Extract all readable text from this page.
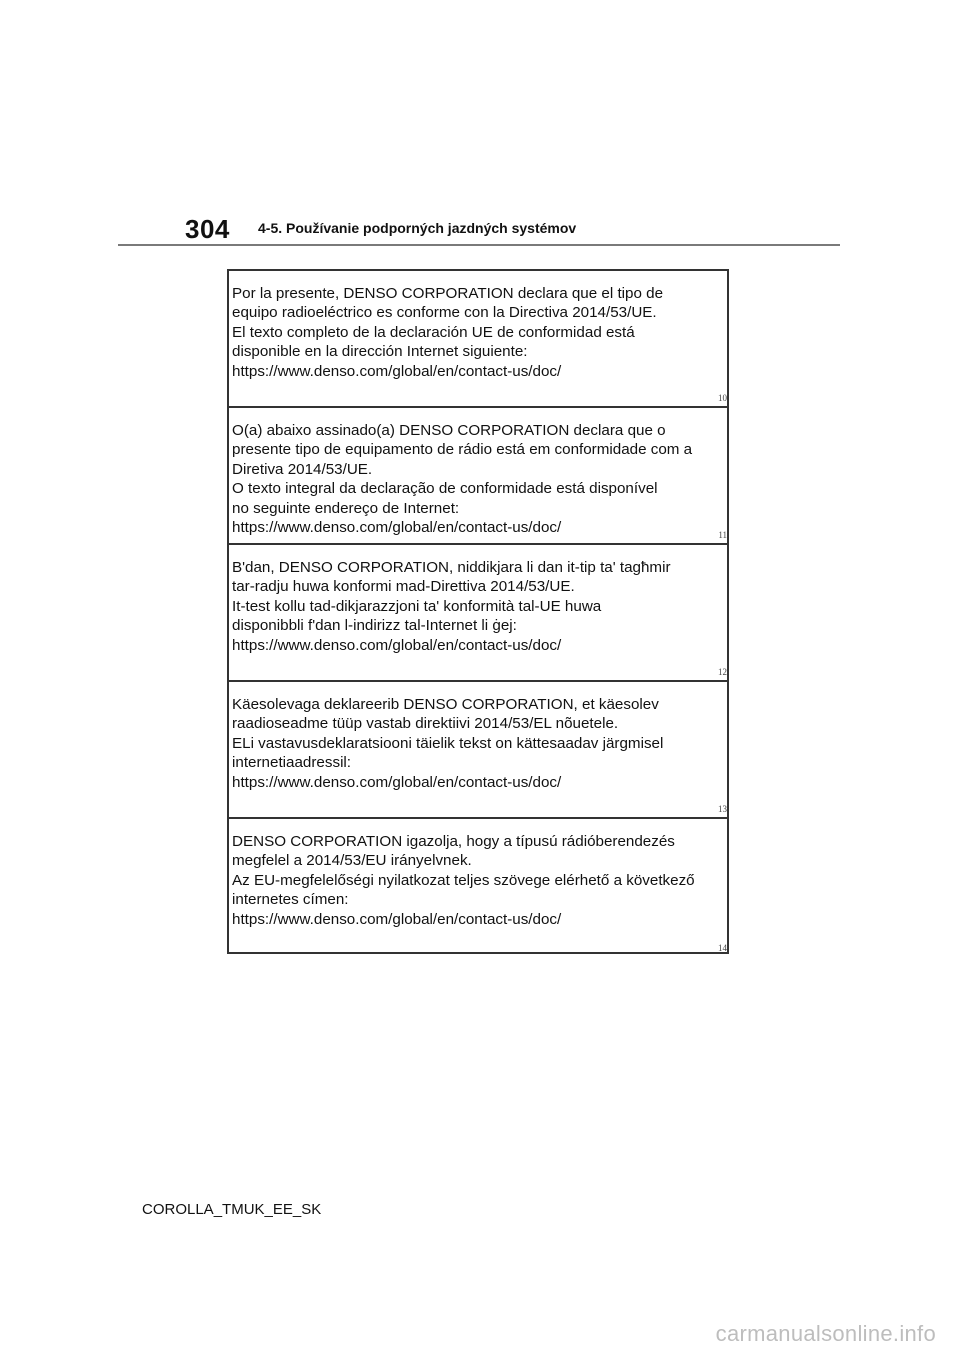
304 4-5. Používanie podporných jazdných systémov
Por la presente, DENSO CORPORATION declara que el tipo de
equipo radioeléctrico es conforme con la Directiva 2014/53/UE.
El texto completo de la declaración UE de conformidad está
disponible en la dirección Internet siguiente:
https://www.denso.com/global/en/contact-us/doc/
10
O(a) abaixo assinado(a) DENSO CORPORATION declara que o
presente tipo de equipamento de rádio está em conformidade com a
Diretiva 2014/53/UE.
O texto integral da declaração de conformidade está disponível
no seguinte endereço de Internet:
https://www.denso.com/global/en/contact-us/doc/	11
B'dan, DENSO CORPORATION, niddikjara li dan it-tip ta' tagħmir
tar-radju huwa konformi mad-Direttiva 2014/53/UE.
It-test kollu tad-dikjarazzjoni ta' konformità tal-UE huwa
disponibbli f'dan l-indirizz tal-Internet li ġej:
https://www.denso.com/global/en/contact-us/doc/
12
Käesolevaga deklareerib DENSO CORPORATION, et käesolev
raadioseadme tüüp vastab direktiivi 2014/53/EL nõuetele.
ELi vastavusdeklaratsiooni täielik tekst on kättesaadav järgmisel
internetiaadressil:
https://www.denso.com/global/en/contact-us/doc/
13
DENSO CORPORATION igazolja, hogy a típusú rádióberendezés
megfelel a 2014/53/EU irányelvnek.
Az EU-megfelelőségi nyilatkozat teljes szövege elérhető a következő
internetes címen:
https://www.denso.com/global/en/contact-us/doc/
14
COROLLA_TMUK_EE_SK
carmanualsonline.info
